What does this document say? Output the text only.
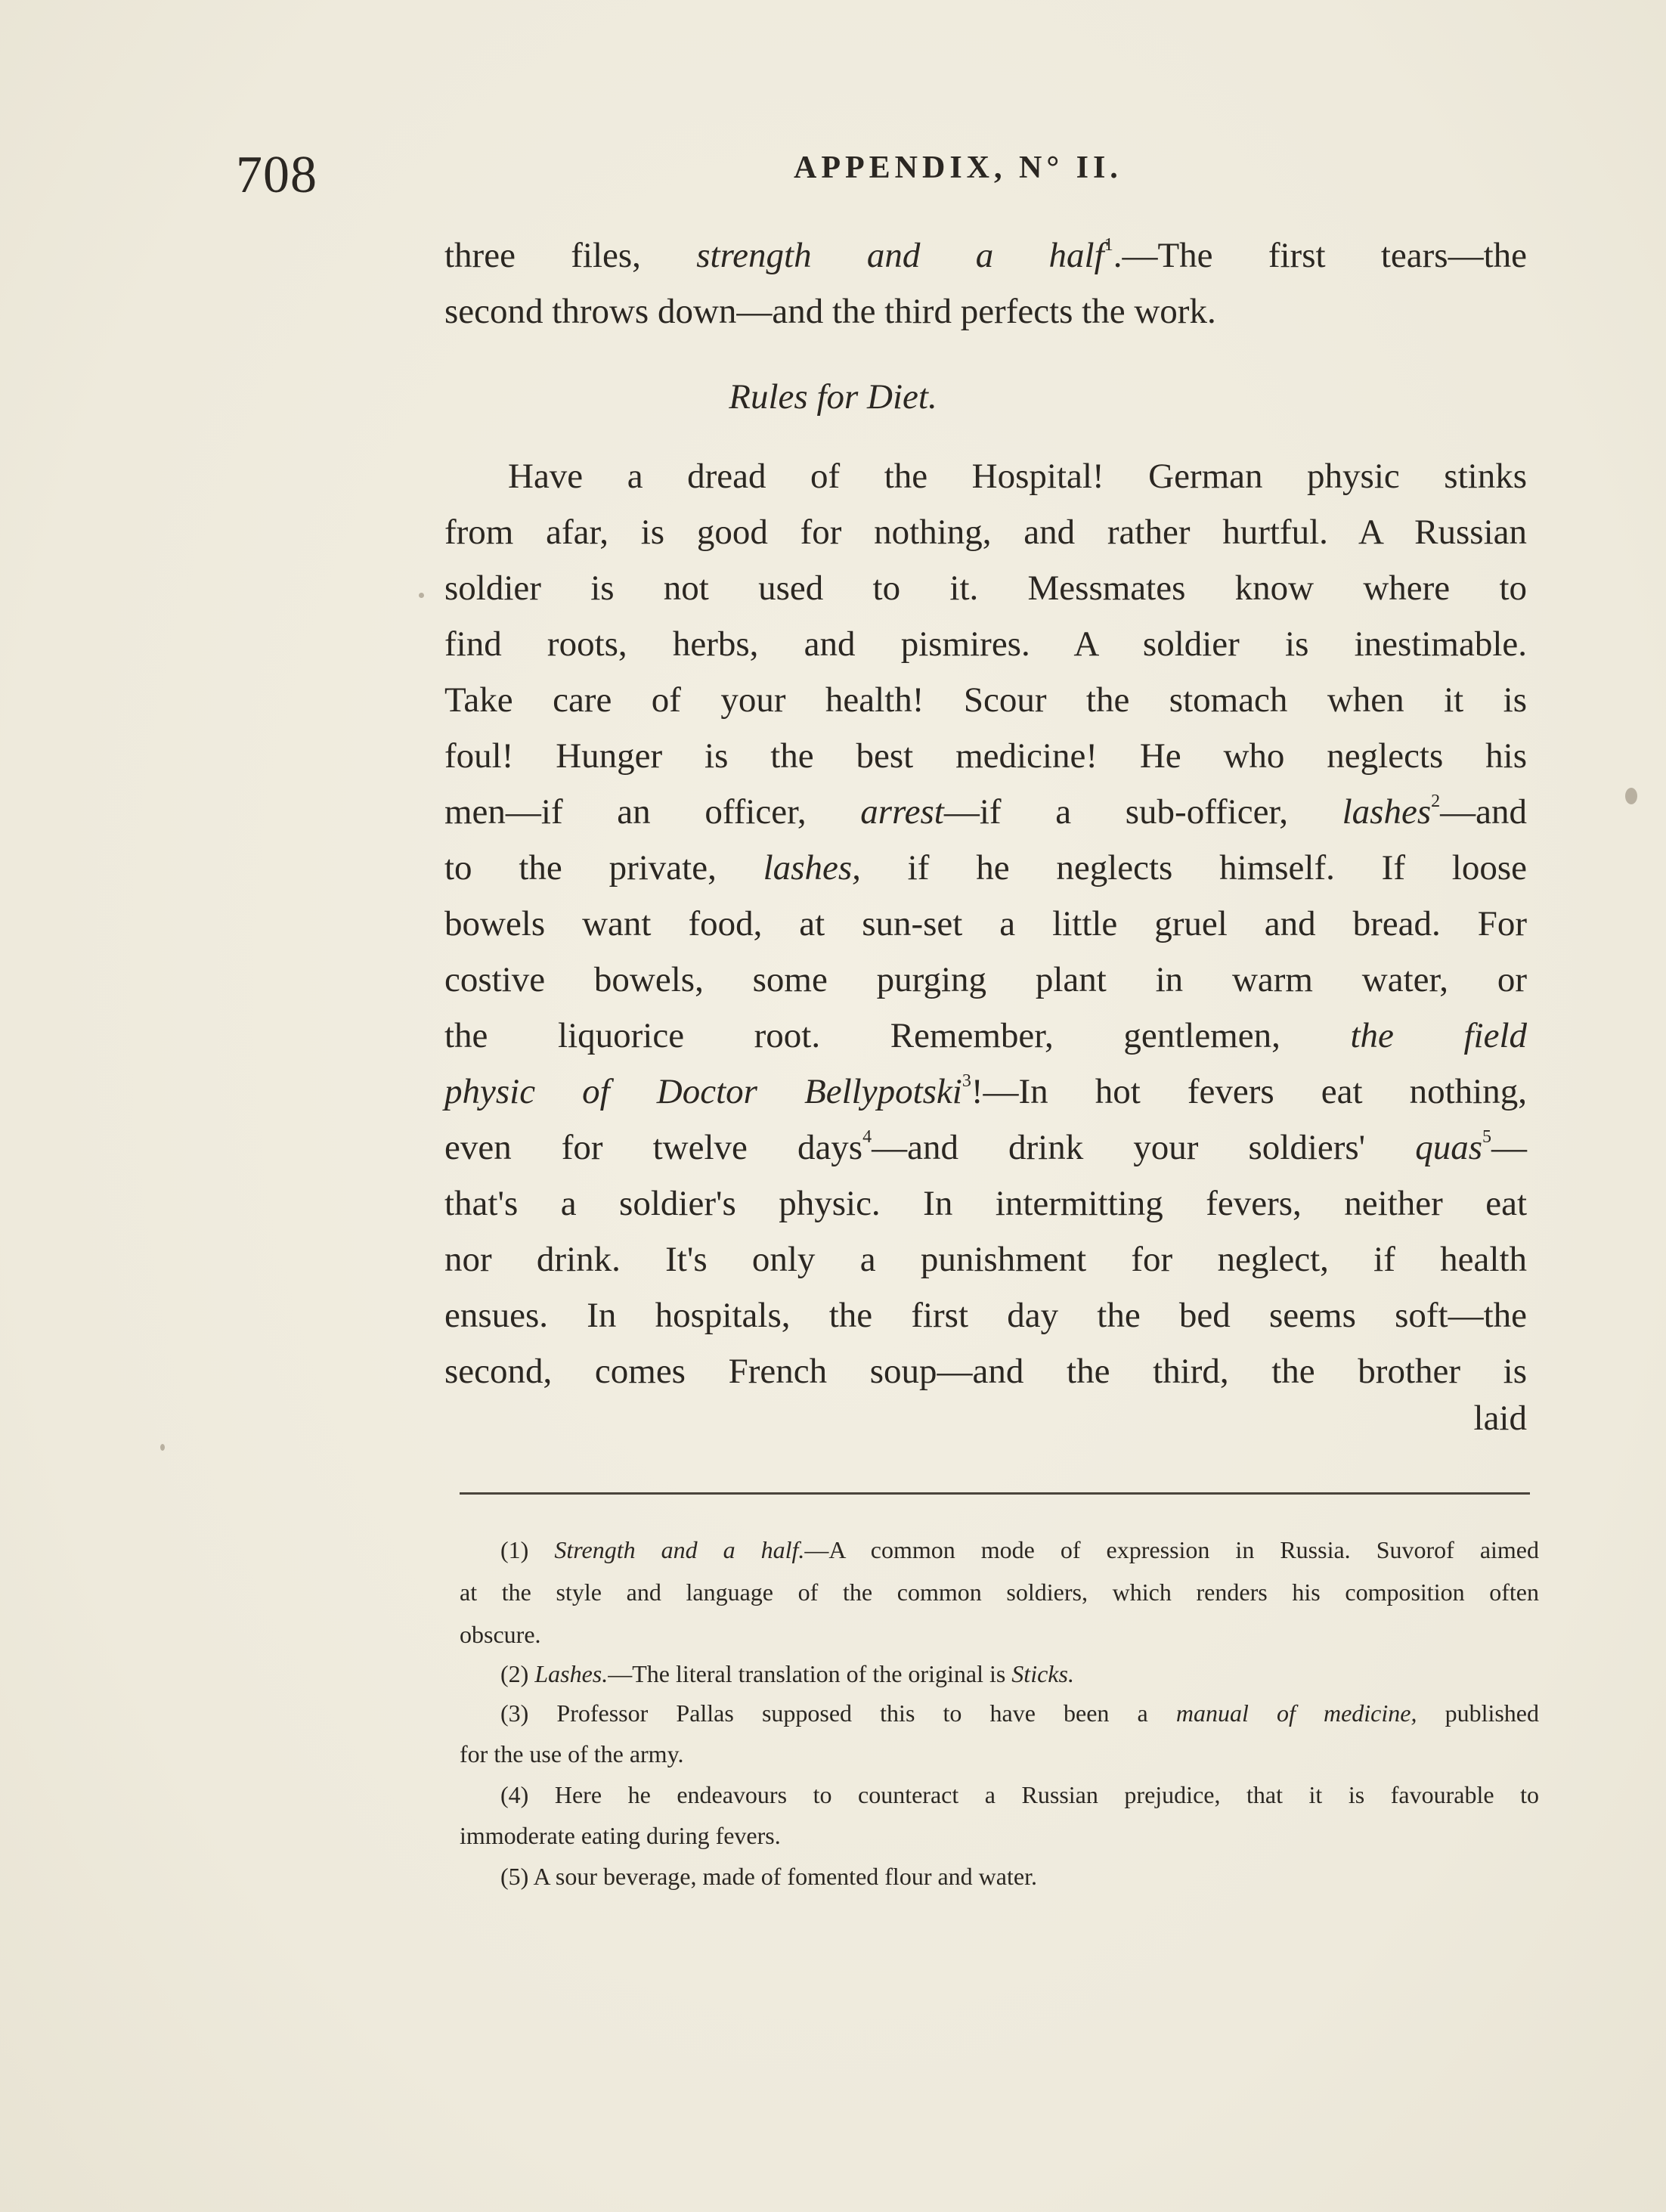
708	APPENDIX, N° II.
three files, strength and a half$^1$.—The first tears—the
second throws down—and the third perfects the work.
Rules for Diet.
Have a dread of the Hospital! German physic stinks
from afar, is good for nothing, and rather hurtful. A Russian
soldier is not used to it. Messmates know where to
find roots, herbs, and pismires. A soldier is inestimable.
Take care of your health! Scour the stomach when it is
foul! Hunger is the best medicine! He who neglects his
men—if an officer, arrest—if a sub-officer, lashes$^2$—and
to the private, lashes, if he neglects himself. If loose
bowels want food, at sun-set a little gruel and bread. For
costive bowels, some purging plant in warm water, or
the liquorice root. Remember, gentlemen, the field
physic of Doctor Bellypotski$^3$!—In hot fevers eat nothing,
even for twelve days$^4$—and drink your soldiers' quas$^5$—
that's a soldier's physic. In intermitting fevers, neither eat
nor drink. It's only a punishment for neglect, if health
ensues. In hospitals, the first day the bed seems soft—the
second, comes French soup—and the third, the brother is
laid
(1) Strength and a half.—A common mode of expression in Russia. Suvorof aimed
at the style and language of the common soldiers, which renders his composition often
obscure.
(2) Lashes.—The literal translation of the original is Sticks.
(3) Professor Pallas supposed this to have been a manual of medicine, published
for the use of the army.
(4) Here he endeavours to counteract a Russian prejudice, that it is favourable to
immoderate eating during fevers.
(5) A sour beverage, made of fomented flour and water.
